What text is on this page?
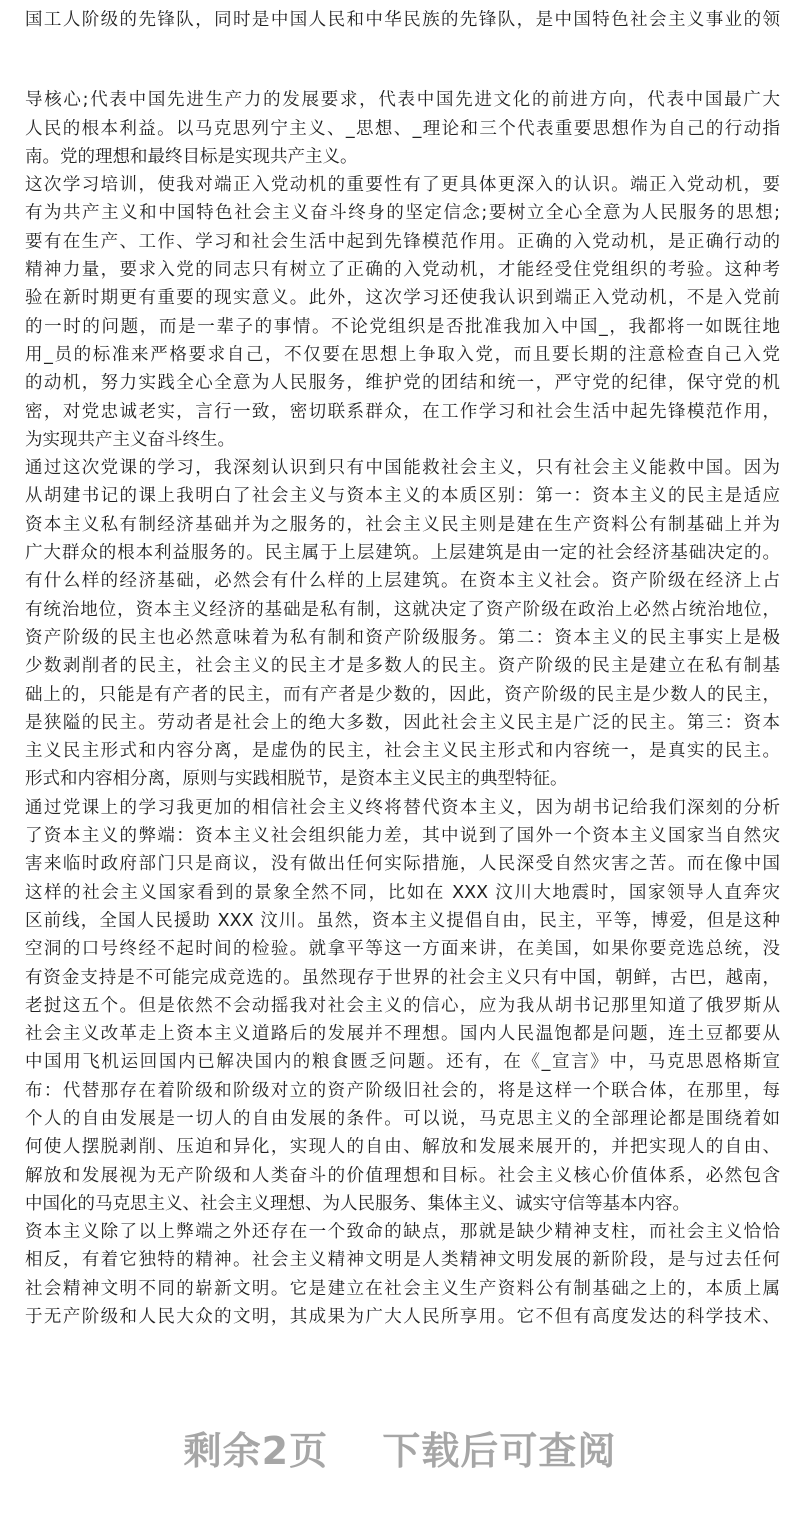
国工人阶级的先锋队，同时是中国人民和中华民族的先锋队，是中国特色社会主义事业的领
导核心;代表中国先进生产力的发展要求，代表中国先进文化的前进方向，代表中国最广大
人民的根本利益。以马克思列宁主义、_思想、_理论和三个代表重要思想作为自己的行动指
南。党的理想和最终目标是实现共产主义。
这次学习培训，使我对端正入党动机的重要性有了更具体更深入的认识。端正入党动机，要
有为共产主义和中国特色社会主义奋斗终身的坚定信念;要树立全心全意为人民服务的思想;
要有在生产、工作、学习和社会生活中起到先锋模范作用。正确的入党动机，是正确行动的
精神力量，要求入党的同志只有树立了正确的入党动机，才能经受住党组织的考验。这种考
验在新时期更有重要的现实意义。此外，这次学习还使我认识到端正入党动机，不是入党前
的一时的问题，而是一辈子的事情。不论党组织是否批准我加入中国_，我都将一如既往地
用_员的标准来严格要求自己，不仅要在思想上争取入党，而且要长期的注意检查自己入党
的动机，努力实践全心全意为人民服务，维护党的团结和统一，严守党的纪律，保守党的机
密，对党忠诚老实，言行一致，密切联系群众，在工作学习和社会生活中起先锋模范作用，
为实现共产主义奋斗终生。
通过这次党课的学习，我深刻认识到只有中国能救社会主义，只有社会主义能救中国。因为
从胡建书记的课上我明白了社会主义与资本主义的本质区别：第一：资本主义的民主是适应
资本主义私有制经济基础并为之服务的，社会主义民主则是建在生产资料公有制基础上并为
广大群众的根本利益服务的。民主属于上层建筑。上层建筑是由一定的社会经济基础决定的。
有什么样的经济基础，必然会有什么样的上层建筑。在资本主义社会。资产阶级在经济上占
有统治地位，资本主义经济的基础是私有制，这就决定了资产阶级在政治上必然占统治地位，
资产阶级的民主也必然意味着为私有制和资产阶级服务。第二：资本主义的民主事实上是极
少数剥削者的民主，社会主义的民主才是多数人的民主。资产阶级的民主是建立在私有制基
础上的，只能是有产者的民主，而有产者是少数的，因此，资产阶级的民主是少数人的民主，
是狭隘的民主。劳动者是社会上的绝大多数，因此社会主义民主是广泛的民主。第三：资本
主义民主形式和内容分离，是虚伪的民主，社会主义民主形式和内容统一，是真实的民主。
形式和内容相分离，原则与实践相脱节，是资本主义民主的典型特征。
通过党课上的学习我更加的相信社会主义终将替代资本主义，因为胡书记给我们深刻的分析
了资本主义的弊端：资本主义社会组织能力差，其中说到了国外一个资本主义国家当自然灾
害来临时政府部门只是商议，没有做出任何实际措施，人民深受自然灾害之苦。而在像中国
这样的社会主义国家看到的景象全然不同，比如在 XXX 汶川大地震时，国家领导人直奔灾
区前线，全国人民援助 XXX 汶川。虽然，资本主义提倡自由，民主，平等，博爱，但是这种
空洞的口号终经不起时间的检验。就拿平等这一方面来讲，在美国，如果你要竞选总统，没
有资金支持是不可能完成竞选的。虽然现存于世界的社会主义只有中国，朝鲜，古巴，越南，
老挝这五个。但是依然不会动摇我对社会主义的信心，应为我从胡书记那里知道了俄罗斯从
社会主义改革走上资本主义道路后的发展并不理想。国内人民温饱都是问题，连土豆都要从
中国用飞机运回国内已解决国内的粮食匮乏问题。还有，在《_宣言》中，马克思恩格斯宣
布：代替那存在着阶级和阶级对立的资产阶级旧社会的，将是这样一个联合体，在那里，每
个人的自由发展是一切人的自由发展的条件。可以说，马克思主义的全部理论都是围绕着如
何使人摆脱剥削、压迫和异化，实现人的自由、解放和发展来展开的，并把实现人的自由、
解放和发展视为无产阶级和人类奋斗的价值理想和目标。社会主义核心价值体系，必然包含
中国化的马克思主义、社会主义理想、为人民服务、集体主义、诚实守信等基本内容。
资本主义除了以上弊端之外还存在一个致命的缺点，那就是缺少精神支柱，而社会主义恰恰
相反，有着它独特的精神。社会主义精神文明是人类精神文明发展的新阶段，是与过去任何
社会精神文明不同的崭新文明。它是建立在社会主义生产资料公有制基础之上的，本质上属
于无产阶级和人民大众的文明，其成果为广大人民所享用。它不但有高度发达的科学技术、
剩余2页 下载后可查阅
